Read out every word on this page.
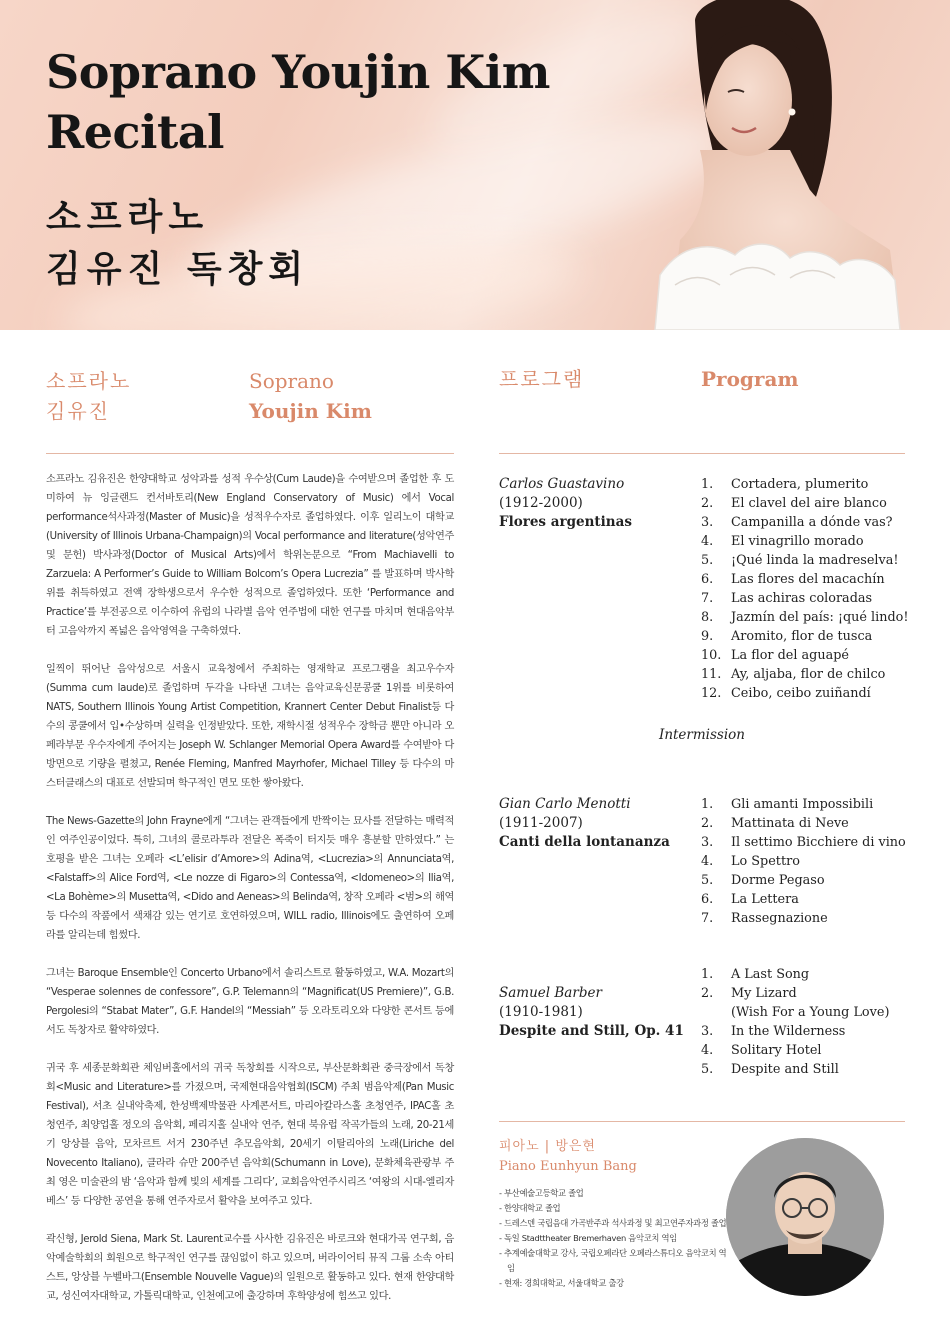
Soprano Youjin Kim Recital
소프라노
김유진 독창회
소프라노
김유진
Soprano
Youjin Kim
프로그램	Program

소프라노 김유진은 한양대학교 성악과를 성적 우수상(Cum Laude)을 수여받으며 졸업한 후 도미하여 뉴 잉글랜드 컨서바토리(New England Conservatory of Music) 에서 Vocal performance석사과정(Master of Music)을 성적우수자로 졸업하였다. 이후 일리노이 대학교(University of Illinois Urbana-Champaign)의 Vocal performance and literature(성악연주 및 문헌) 박사과정(Doctor of Musical Arts)에서 학위논문으로 “From Machiavelli to Zarzuela: A Performer’s Guide to William Bolcom’s Opera Lucrezia” 를 발표하며 박사학위를 취득하였고 전액 장학생으로서 우수한 성적으로 졸업하였다. 또한 ‘Performance and Practice’를 부전공으로 이수하여 유럽의 나라별 음악 연주법에 대한 연구를 마치며 현대음악부터 고음악까지 폭넓은 음악영역을 구축하였다.

일찍이 뛰어난 음악성으로 서울시 교육청에서 주최하는 영재학교 프로그램을 최고우수자(Summa cum laude)로 졸업하며 두각을 나타낸 그녀는 음악교육신문콩쿨 1위를 비롯하여 NATS, Southern Illinois Young Artist Competition, Krannert Center Debut Finalist등 다수의 콩쿨에서 입•수상하며 실력을 인정받았다. 또한, 재학시절 성적우수 장학금 뿐만 아니라 오페라부문 우수자에게 주어지는 Joseph W. Schlanger Memorial Opera Award를 수여받아 다방면으로 기량을 펼쳤고, Renée Fleming, Manfred Mayrhofer, Michael Tilley 등 다수의 마스터클래스의 대표로 선발되며 학구적인 면모 또한 쌓아왔다.

The News-Gazette의 John Frayne에게 “그녀는 관객들에게 반짝이는 묘사를 전달하는 매력적인 여주인공이었다. 특히, 그녀의 콜로라투라 전달은 폭죽이 터지듯 매우 흥분할 만하였다.” 는 호평을 받은 그녀는 오페라 <L’elisir d’Amore>의 Adina역, <Lucrezia>의 Annunciata역, <Falstaff>의 Alice Ford역, <Le nozze di Figaro>의 Contessa역, <Idomeneo>의 Ilia역, <La Bohème>의 Musetta역, <Dido and Aeneas>의 Belinda역, 창작 오페라 <범>의 해역 등 다수의 작품에서 색채감 있는 연기로 호연하였으며, WILL radio, Illinois에도 출연하여 오페라를 알리는데 힘썼다.

그녀는 Baroque Ensemble인 Concerto Urbano에서 솔리스트로 활동하였고, W.A. Mozart의 “Vesperae solennes de confessore”, G.P. Telemann의 “Magnificat(US Premiere)”, G.B. Pergolesi의 “Stabat Mater”, G.F. Handel의 “Messiah” 등 오라토리오와 다양한 콘서트 등에서도 독창자로 활약하였다.

귀국 후 세종문화회관 체임버홀에서의 귀국 독창회를 시작으로, 부산문화회관 중극장에서 독창회<Music and Literature>를 가졌으며, 국제현대음악협회(ISCM) 주최 범음악제(Pan Music Festival), 서초 실내악축제, 한성백제박물관 사계콘서트, 마리아칼라스홀 초청연주, IPAC홀 초청연주, 최양업홀 정오의 음악회, 페리지홀 실내악 연주, 현대 북유럽 작곡가들의 노래, 20-21세기 앙상블 음악, 모차르트 서거 230주년 추모음악회, 20세기 이탈리아의 노래(Liriche del Novecento Italiano), 클라라 슈만 200주년 음악회(Schumann in Love), 문화체육관광부 주최 영은 미술관의 밤 ‘음악과 함께 빛의 세계를 그리다’, 교회음악연주시리즈 ‘여왕의 시대-엘리자베스’ 등 다양한 공연을 통해 연주자로서 활약을 보여주고 있다.

곽신형, Jerold Siena, Mark St. Laurent교수를 사사한 김유진은 바로크와 현대가곡 연구회, 음악예술학회의 회원으로 학구적인 연구를 끊임없이 하고 있으며, 버라이어티 뮤직 그룹 소속 아티스트, 앙상블 누벨바그(Ensemble Nouvelle Vague)의 일원으로 활동하고 있다. 현재 한양대학교, 성신여자대학교, 가톨릭대학교, 인천예고에 출강하며 후학양성에 힘쓰고 있다.

Carlos Guastavino
(1912-2000)
Flores argentinas
1.	Cortadera, plumerito
2.	El clavel del aire blanco
3.	Campanilla a dónde vas?
4.	El vinagrillo morado
5.	¡Qué linda la madreselva!
6.	Las flores del macachín
7.	Las achiras coloradas
8.	Jazmín del país: ¡qué lindo!
9.	Aromito, flor de tusca
10. La flor del aguapé
11. Ay, aljaba, flor de chilco
12. Ceibo, ceibo zuiñandí
Intermission
Gian Carlo Menotti
(1911-2007)
Canti della lontananza
1.	Gli amanti Impossibili
2.	Mattinata di Neve
3.	Il settimo Bicchiere di vino
4.	Lo Spettro
5.	Dorme Pegaso
6.	La Lettera
7.	Rassegnazione
Samuel Barber
(1910-1981)
Despite and Still, Op. 41
1.	A Last Song
2.	My Lizard
(Wish For a Young Love)
3.	In the Wilderness
4.	Solitary Hotel
5.	Despite and Still
피아노 | 방은현
Piano Eunhyun Bang
- 부산예술고등학교 졸업
- 한양대학교 졸업
- 드레스덴 국립음대 가곡반주과 석사과정 및 최고연주자과정 졸업
- 독일 Stadttheater Bremerhaven 음악코치 역임
- 추계예술대학교 강사, 국립오페라단 오페라스튜디오 음악코치 역임
- 현재: 경희대학교, 서울대학교 출강
